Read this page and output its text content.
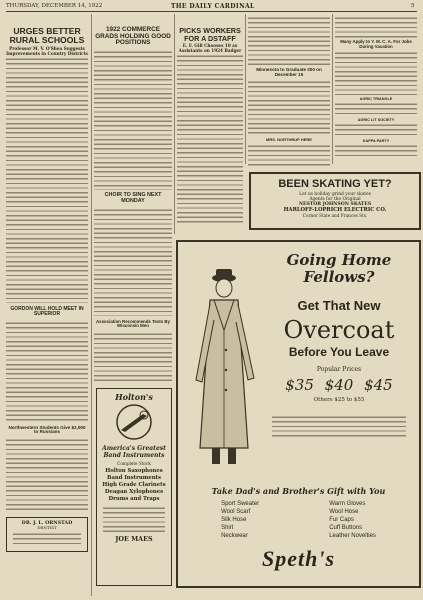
THURSDAY, DECEMBER 14, 1922	THE DAILY CARDINAL	5
URGES BETTER RURAL SCHOOLS
Professor M. V. O'Shea Suggests Improvements in Country Districts
GORDON WILL HOLD MEET IN SUPERIOR
Northwestern Students Give $2,000 to Russians
DR. J. L. ORNSTAD
DENTIST
1922 COMMERCE GRADS HOLDING GOOD POSITIONS
CHOIR TO SING NEXT MONDAY
Association Recommends Texts By Wisconsin Men
Holton's
America's Greatest Band Instruments
Complete Stock
Holton Saxophones
Band Instruments
High Grade Clarinets
Deagan Xylophones
Drums and Traps
JOE MAES
PICKS WORKERS FOR A DSTAFF
E. F. Gill Chooses 10 as Assistants on 1924 Badger
Minnesota to Graduate 200 on December 15
MRS. NORTHRUP HERE
Many Apply to Y. M. C. A. For Jobs During Vacation
AGRIC TRIANGLE
AGRIC LIT SOCIETY
KAPPA PARTY
BEEN SKATING YET?
Let us holiday grind your skates
Agents for the Original
NESTOR JOHNSON SKATES
HARLOFF-LOPRICH ELECTRIC CO.
Corner State and Frances Sts.
Going Home
Fellows?
Get That New
Overcoat
Before You Leave
Popular Prices
$35 $40 $45
Others $25 to $55
Take Dad's and Brother's Gift with You
Sport Sweater
Wool Scarf
Silk Hose
Shirt
Neckwear
Warm Gloves
Wool Hose
Fur Caps
Cuff Buttons
Leather Novelties
Speth's
